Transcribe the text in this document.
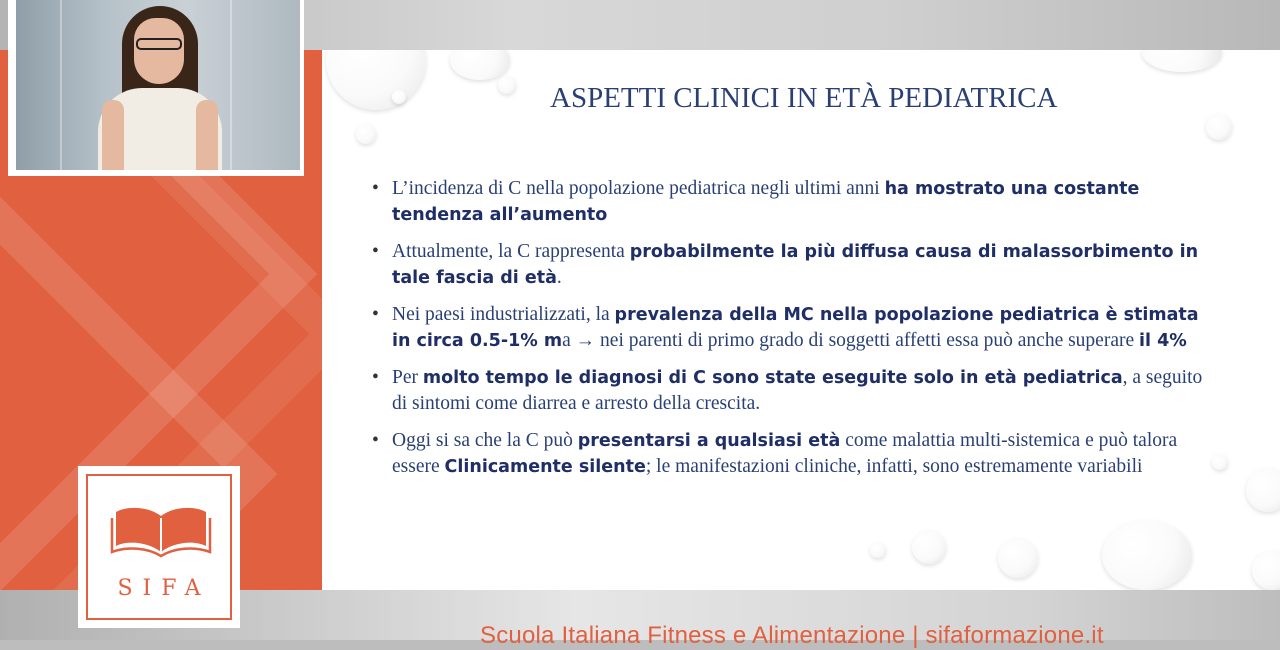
Scuola Italiana Fitness e Alimentazione | sifaformazione.it
SIFA
ASPETTI CLINICI IN ETÀ PEDIATRICA
• L’incidenza di C nella popolazione pediatrica negli ultimi anni ha mostrato una costante tendenza all’aumento
• Attualmente, la C rappresenta probabilmente la più diffusa causa di malassorbimento in tale fascia di età.
• Nei paesi industrializzati, la prevalenza della MC nella popolazione pediatrica è stimata in circa 0.5-1% ma → nei parenti di primo grado di soggetti affetti essa può anche superare il 4%
• Per molto tempo le diagnosi di C sono state eseguite solo in età pediatrica, a seguito di sintomi come diarrea e arresto della crescita.
• Oggi si sa che la C può presentarsi a qualsiasi età come malattia multi-sistemica e può talora essere Clinicamente silente; le manifestazioni cliniche, infatti, sono estremamente variabili
